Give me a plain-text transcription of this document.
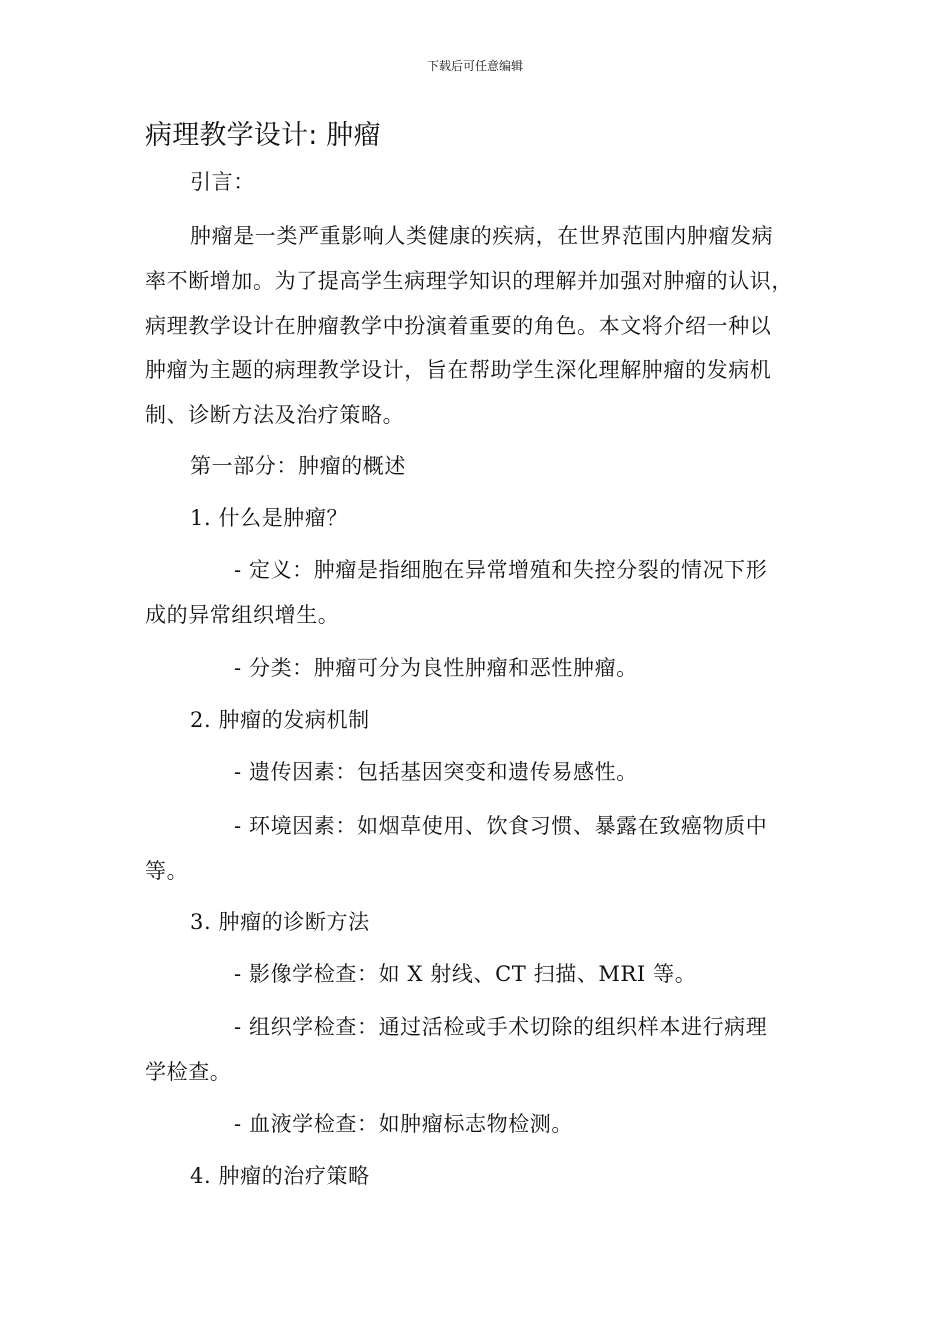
下载后可任意编辑
病理教学设计: 肿瘤
引言：
肿瘤是一类严重影响人类健康的疾病，在世界范围内肿瘤发病
率不断增加。为了提高学生病理学知识的理解并加强对肿瘤的认识，
病理教学设计在肿瘤教学中扮演着重要的角色。本文将介绍一种以
肿瘤为主题的病理教学设计，旨在帮助学生深化理解肿瘤的发病机
制、诊断方法及治疗策略。
第一部分：肿瘤的概述
1. 什么是肿瘤？
- 定义：肿瘤是指细胞在异常增殖和失控分裂的情况下形
成的异常组织增生。
- 分类：肿瘤可分为良性肿瘤和恶性肿瘤。
2. 肿瘤的发病机制
- 遗传因素：包括基因突变和遗传易感性。
- 环境因素：如烟草使用、饮食习惯、暴露在致癌物质中
等。
3. 肿瘤的诊断方法
- 影像学检查：如 X 射线、CT 扫描、MRI 等。
- 组织学检查：通过活检或手术切除的组织样本进行病理
学检查。
- 血液学检查：如肿瘤标志物检测。
4. 肿瘤的治疗策略
